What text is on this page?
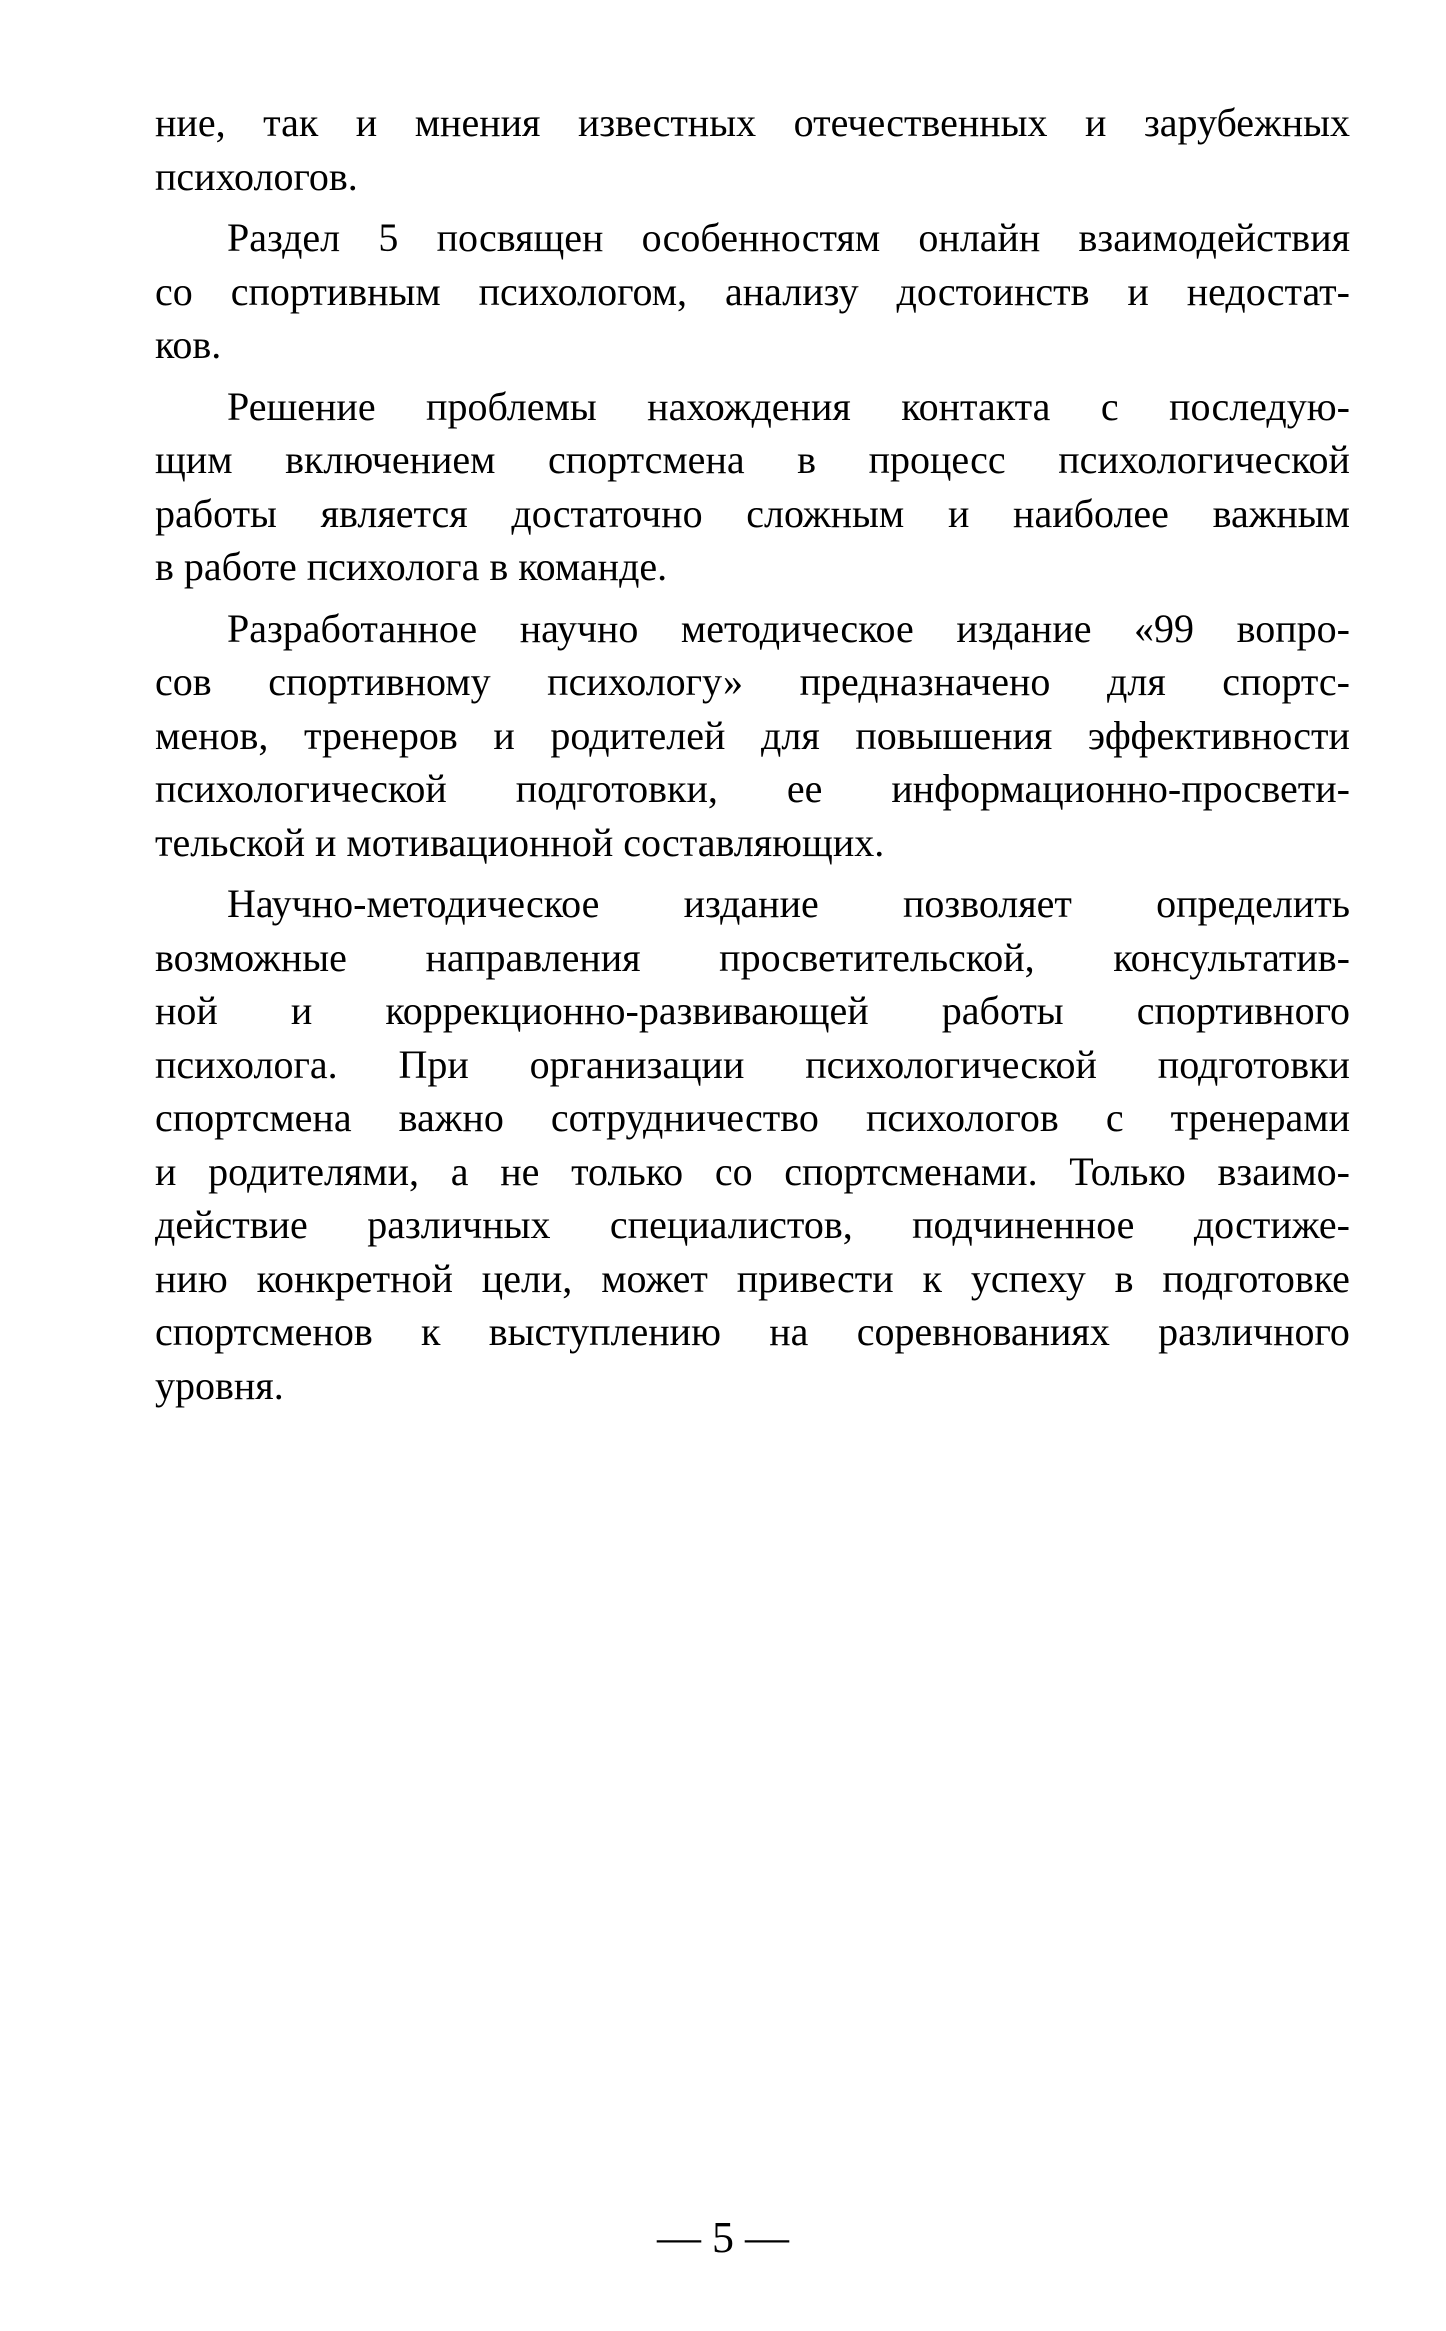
ние, так и мнения известных отечественных и зарубежных
психологов.
Раздел 5 посвящен особенностям онлайн взаимодействия
со спортивным психологом, анализу достоинств и недостат-
ков.
Решение проблемы нахождения контакта с последую-
щим включением спортсмена в процесс психологической
работы является достаточно сложным и наиболее важным
в работе психолога в команде.
Разработанное научно методическое издание «99 вопро-
сов спортивному психологу» предназначено для спортс-
менов, тренеров и родителей для повышения эффективности
психологической подготовки, ее информационно-просвети-
тельской и мотивационной составляющих.
Научно-методическое издание позволяет определить
возможные направления просветительской, консультатив-
ной и коррекционно-развивающей работы спортивного
психолога. При организации психологической подготовки
спортсмена важно сотрудничество психологов с тренерами
и родителями, а не только со спортсменами. Только взаимо-
действие различных специалистов, подчиненное достиже-
нию конкретной цели, может привести к успеху в подготовке
спортсменов к выступлению на соревнованиях различного
уровня.
— 5 —
